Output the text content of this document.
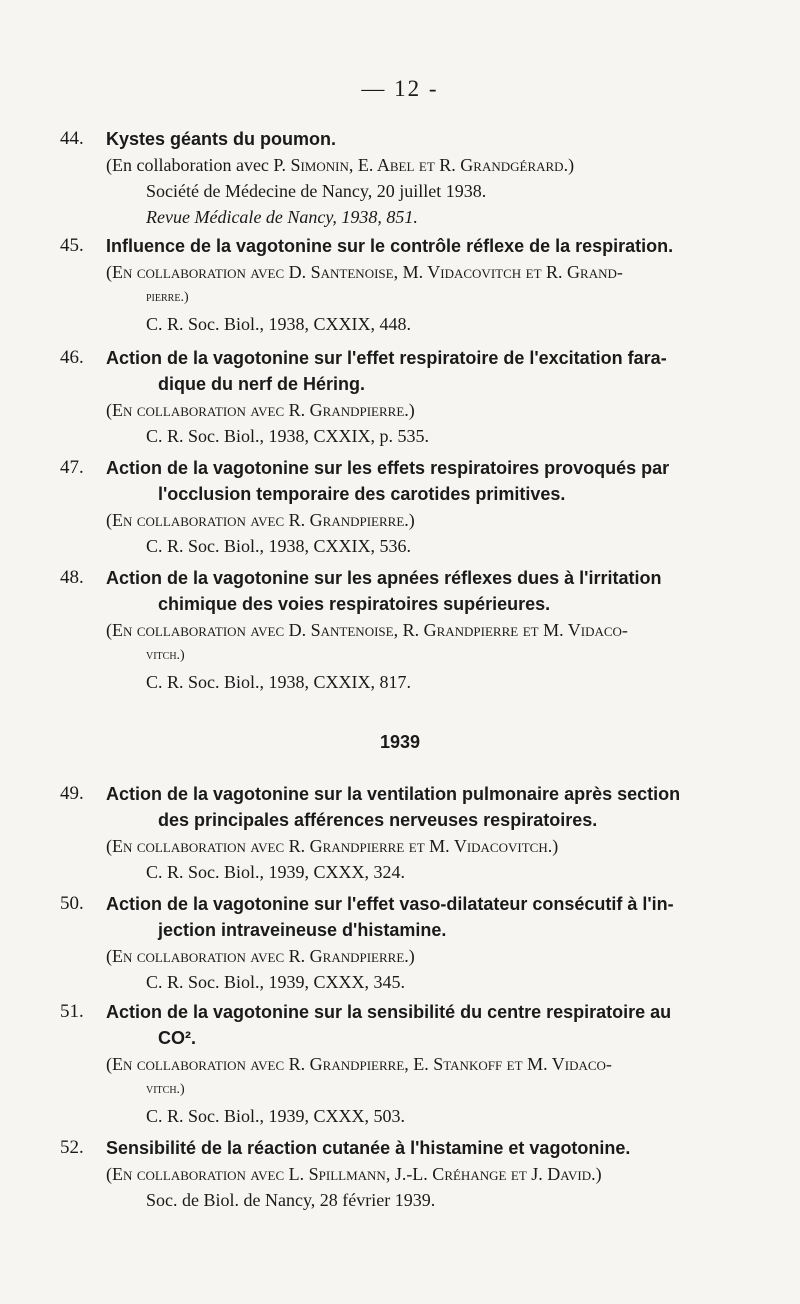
— 12 -
44. Kystes géants du poumon.
(En collaboration avec P. Simonin, E. Abel et R. Grandgérard.)
Société de Médecine de Nancy, 20 juillet 1938.
Revue Médicale de Nancy, 1938, 851.
45. Influence de la vagotonine sur le contrôle réflexe de la respiration.
(En collaboration avec D. Santenoise, M. Vidacovitch et R. Grand-
pierre.)
C. R. Soc. Biol., 1938, CXXIX, 448.
46. Action de la vagotonine sur l'effet respiratoire de l'excitation fara-
dique du nerf de Héring.
(En collaboration avec R. Grandpierre.)
C. R. Soc. Biol., 1938, CXXIX, p. 535.
47. Action de la vagotonine sur les effets respiratoires provoqués par
l'occlusion temporaire des carotides primitives.
(En collaboration avec R. Grandpierre.)
C. R. Soc. Biol., 1938, CXXIX, 536.
48. Action de la vagotonine sur les apnées réflexes dues à l'irritation
chimique des voies respiratoires supérieures.
(En collaboration avec D. Santenoise, R. Grandpierre et M. Vidaco-
vitch.)
C. R. Soc. Biol., 1938, CXXIX, 817.
1939
49. Action de la vagotonine sur la ventilation pulmonaire après section
des principales afférences nerveuses respiratoires.
(En collaboration avec R. Grandpierre et M. Vidacovitch.)
C. R. Soc. Biol., 1939, CXXX, 324.
50. Action de la vagotonine sur l'effet vaso-dilatateur consécutif à l'in-
jection intraveineuse d'histamine.
(En collaboration avec R. Grandpierre.)
C. R. Soc. Biol., 1939, CXXX, 345.
51. Action de la vagotonine sur la sensibilité du centre respiratoire au
CO².
(En collaboration avec R. Grandpierre, E. Stankoff et M. Vidaco-
vitch.)
C. R. Soc. Biol., 1939, CXXX, 503.
52. Sensibilité de la réaction cutanée à l'histamine et vagotonine.
(En collaboration avec L. Spillmann, J.-L. Créhange et J. David.)
Soc. de Biol. de Nancy, 28 février 1939.
